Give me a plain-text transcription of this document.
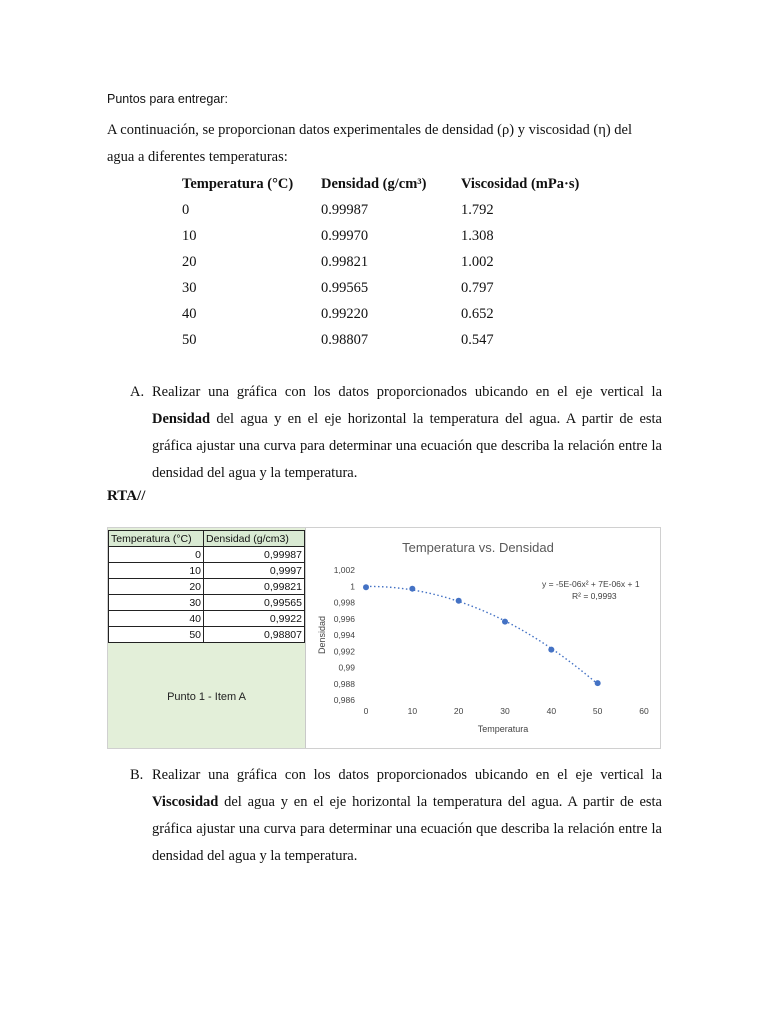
Puntos para entregar:
A continuación, se proporcionan datos experimentales de densidad (ρ) y viscosidad (η) del
agua a diferentes temperaturas:
Temperatura (°C)	Densidad (g/cm³)	Viscosidad (mPa·s)
0	0.99987	1.792
10	0.99970	1.308
20	0.99821	1.002
30	0.99565	0.797
40	0.99220	0.652
50	0.98807	0.547
A. Realizar una gráfica con los datos proporcionados ubicando en el eje vertical la Densidad del agua y en el eje horizontal la temperatura del agua. A partir de esta gráfica ajustar una curva para determinar una ecuación que describa la relación entre la densidad del agua y la temperatura.
RTA//
Temperatura (°C)	Densidad (g/cm3)
0	0,99987
10	0,9997
20	0,99821
30	0,99565
40	0,9922
50	0,98807
Punto 1 - Item A
Temperatura vs. Densidad
0,986
0,988
0,99
0,992
0,994
0,996
0,998
1
1,002
0	10	20	30	40	50	60
Densidad
Temperatura
y = -5E-06x² + 7E-06x + 1
R² = 0,9993
B. Realizar una gráfica con los datos proporcionados ubicando en el eje vertical la Viscosidad del agua y en el eje horizontal la temperatura del agua. A partir de esta gráfica ajustar una curva para determinar una ecuación que describa la relación entre la densidad del agua y la temperatura.
